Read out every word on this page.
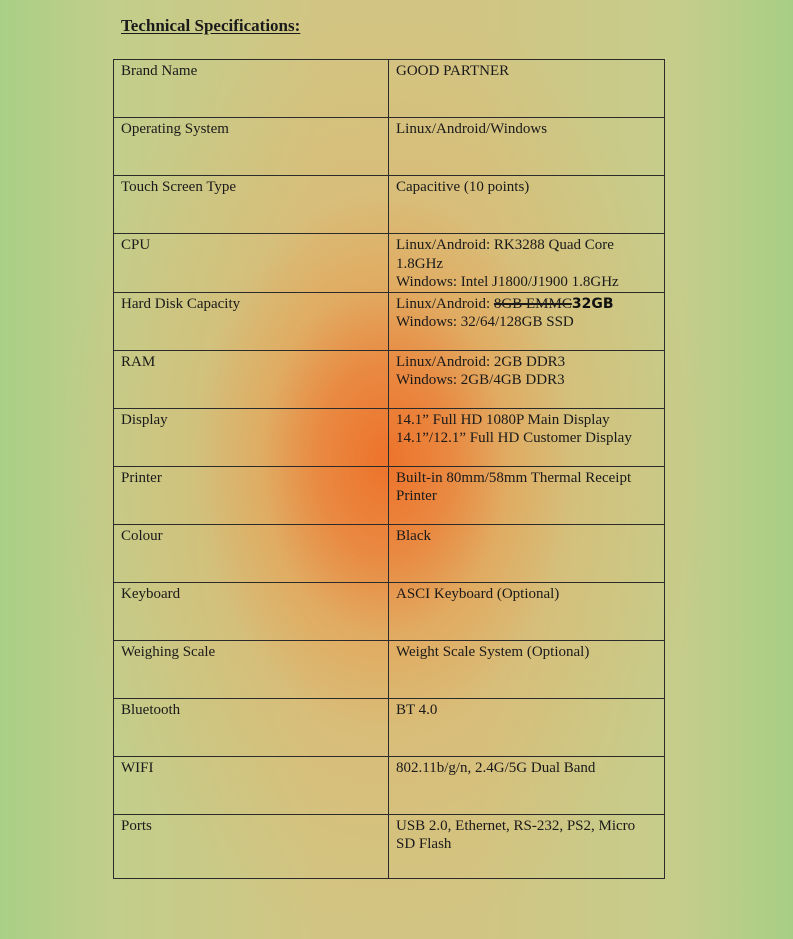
Technical Specifications:
Brand Name	GOOD PARTNER

Operating System	Linux/Android/Windows

Touch Screen Type	Capacitive (10 points)

CPU	Linux/Android: RK3288 Quad Core 1.8GHz
Windows: Intel J1800/J1900 1.8GHz

Hard Disk Capacity	Linux/Android: 8GB EMMC32GB
Windows: 32/64/128GB SSD

RAM	Linux/Android: 2GB DDR3
Windows: 2GB/4GB DDR3

Display	14.1” Full HD 1080P Main Display
14.1”/12.1” Full HD Customer Display

Printer	Built-in 80mm/58mm Thermal Receipt Printer

Colour	Black

Keyboard	ASCI Keyboard (Optional)

Weighing Scale	Weight Scale System (Optional)

Bluetooth	BT 4.0

WIFI	802.11b/g/n, 2.4G/5G Dual Band

Ports	USB 2.0, Ethernet, RS-232, PS2, Micro SD Flash
